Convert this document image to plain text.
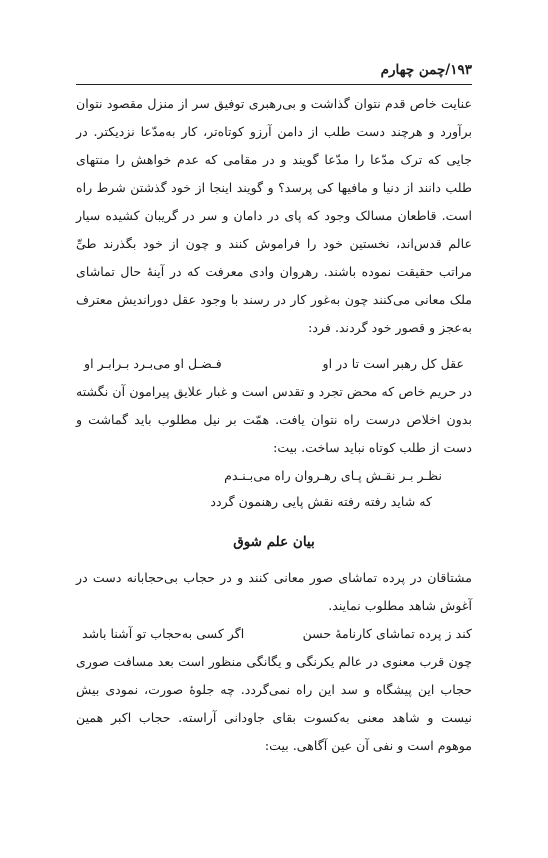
۱۹۳/چمن چهارم
عنایت خاص قدم نتوان گذاشت و بی‌رهبری توفیق سر از منزل مقصود نتوان برآورد و هرچند دست طلب از دامن آرزو کوتاه‌تر، کار به‌مدّعا نزدیکتر. در جایی که ترک مدّعا را مدّعا گویند و در مقامی که عدم خواهش را منتهای طلب دانند از دنیا و مافیها کی پرسد؟ و گویند اینجا از خود گذشتن شرط راه است. قاطعان مسالک وجود که پای در داماﻥ و سر در گریبان کشیده سیار عالم قدس‌اند، نخستین خود را فراموش کنند و چون از خود بگذرند طیِّ مراتب حقیقت نموده باشند. رهروان وادی معرفت که در آینهٔ حال تماشای ملک معانی می‌کنند چون به‌غور کار در رسند با وجود عقل دوراندیش معترف به‌عجز و قصور خود گردند. فرد:
عقل کل رهبر است تا در او
فـضـل او می‌بـرد بـرابـر او
در حریم خاص که محض تجرد و تقدس است و غبار علایق پیرامون آن نگشته بدون اخلاص درست راه نتوان یافت. همّت بر نیل مطلوب باید گماشت و دست از طلب کوتاه نباید ساخت. بیت:
نظـر بـر نقـش پـای رهـروان راه می‌بـنـدم
که شاید رفته رفته نقش پایی رهنمون گردد
بیان علم شوق
مشتاقان در پرده تماشای صور معانی کنند و در حجاب بی‌حجابانه دست در آغوش شاهد مطلوب نمایند.
کند ز پرده تماشای کارنامهٔ حسن
اگر کسی به‌حجاب تو آشنا باشد
چون قرب معنوی در عالم یکرنگی و یگانگی منظور است بعد مسافت صوری حجاب این پیشگاه و سد این راه نمی‌گردد. چه جلوهٔ صورت، نمودی بیش نیست و شاهد معنی به‌کسوت بقای جاودانی آراسته. حجاب اکبر همین موهوم است و نفی آن عین آگاهی. بیت:
